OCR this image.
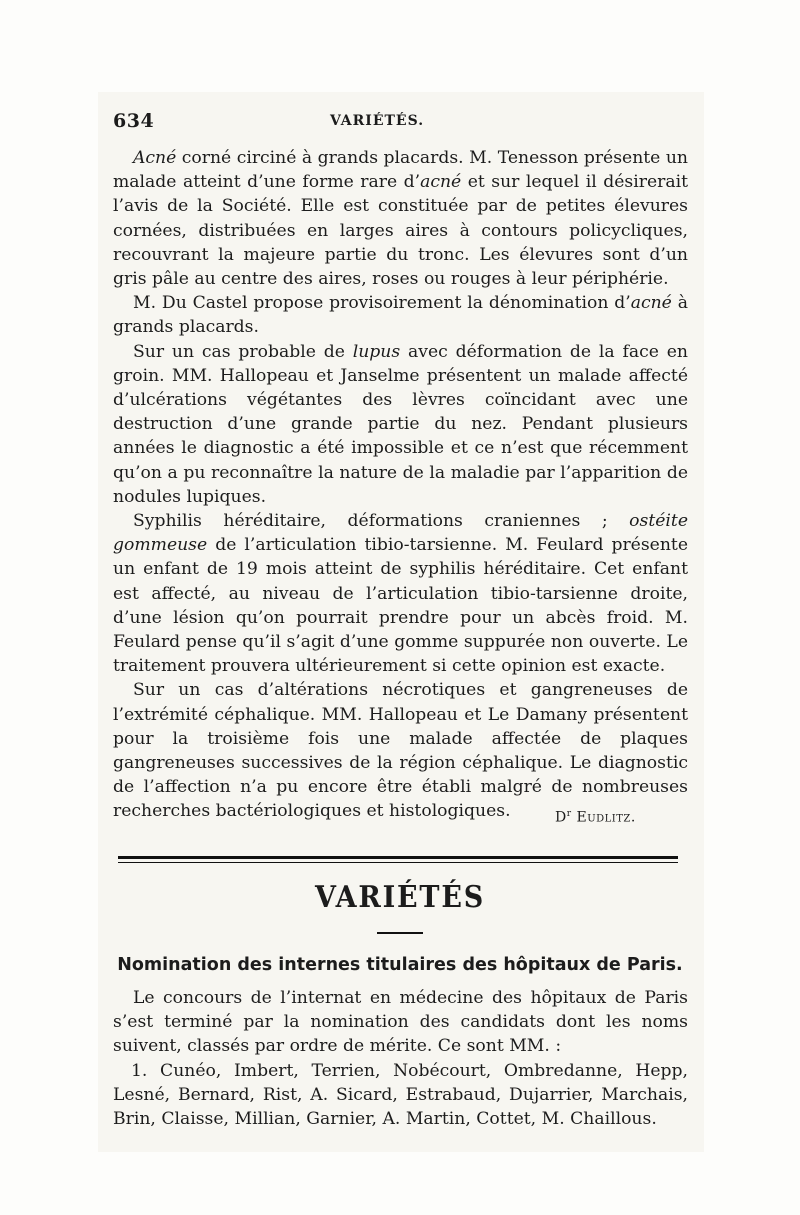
634	VARIÉTÉS.

Acné corné circiné à grands placards. M. Tenesson présente un malade atteint d’une forme rare d’acné et sur lequel il désirerait l’avis de la Société. Elle est constituée par de petites élevures cornées, distribuées en larges aires à contours policycliques, recouvrant la majeure partie du tronc. Les élevures sont d’un gris pâle au centre des aires, roses ou rouges à leur périphérie.

M. Du Castel propose provisoirement la dénomination d’acné à grands placards.

Sur un cas probable de lupus avec déformation de la face en groin. MM. Hallopeau et Janselme présentent un malade affecté d’ulcérations végétantes des lèvres coïncidant avec une destruction d’une grande partie du nez. Pendant plusieurs années le diagnostic a été impossible et ce n’est que récemment qu’on a pu reconnaître la nature de la maladie par l’apparition de nodules lupiques.

Syphilis héréditaire, déformations craniennes ; ostéite gommeuse de l’articulation tibio-tarsienne. M. Feulard présente un enfant de 19 mois atteint de syphilis héréditaire. Cet enfant est affecté, au niveau de l’articulation tibio-tarsienne droite, d’une lésion qu’on pourrait prendre pour un abcès froid. M. Feulard pense qu’il s’agit d’une gomme suppurée non ouverte. Le traitement prouvera ultérieurement si cette opinion est exacte.

Sur un cas d’altérations nécrotiques et gangreneuses de l’extrémité céphalique. MM. Hallopeau et Le Damany présentent pour la troisième fois une malade affectée de plaques gangreneuses successives de la région céphalique. Le diagnostic de l’affection n’a pu encore être établi malgré de nombreuses recherches bactériologiques et histologiques.	$D^r$ Eudlitz.
VARIÉTÉS
Nomination des internes titulaires des hôpitaux de Paris.

Le concours de l’internat en médecine des hôpitaux de Paris s’est terminé par la nomination des candidats dont les noms suivent, classés par ordre de mérite. Ce sont MM. :

1. Cunéo, Imbert, Terrien, Nobécourt, Ombredanne, Hepp, Lesné, Bernard, Rist, A. Sicard, Estrabaud, Dujarrier, Marchais, Brin, Claisse, Millian, Garnier, A. Martin, Cottet, M. Chaillous.
